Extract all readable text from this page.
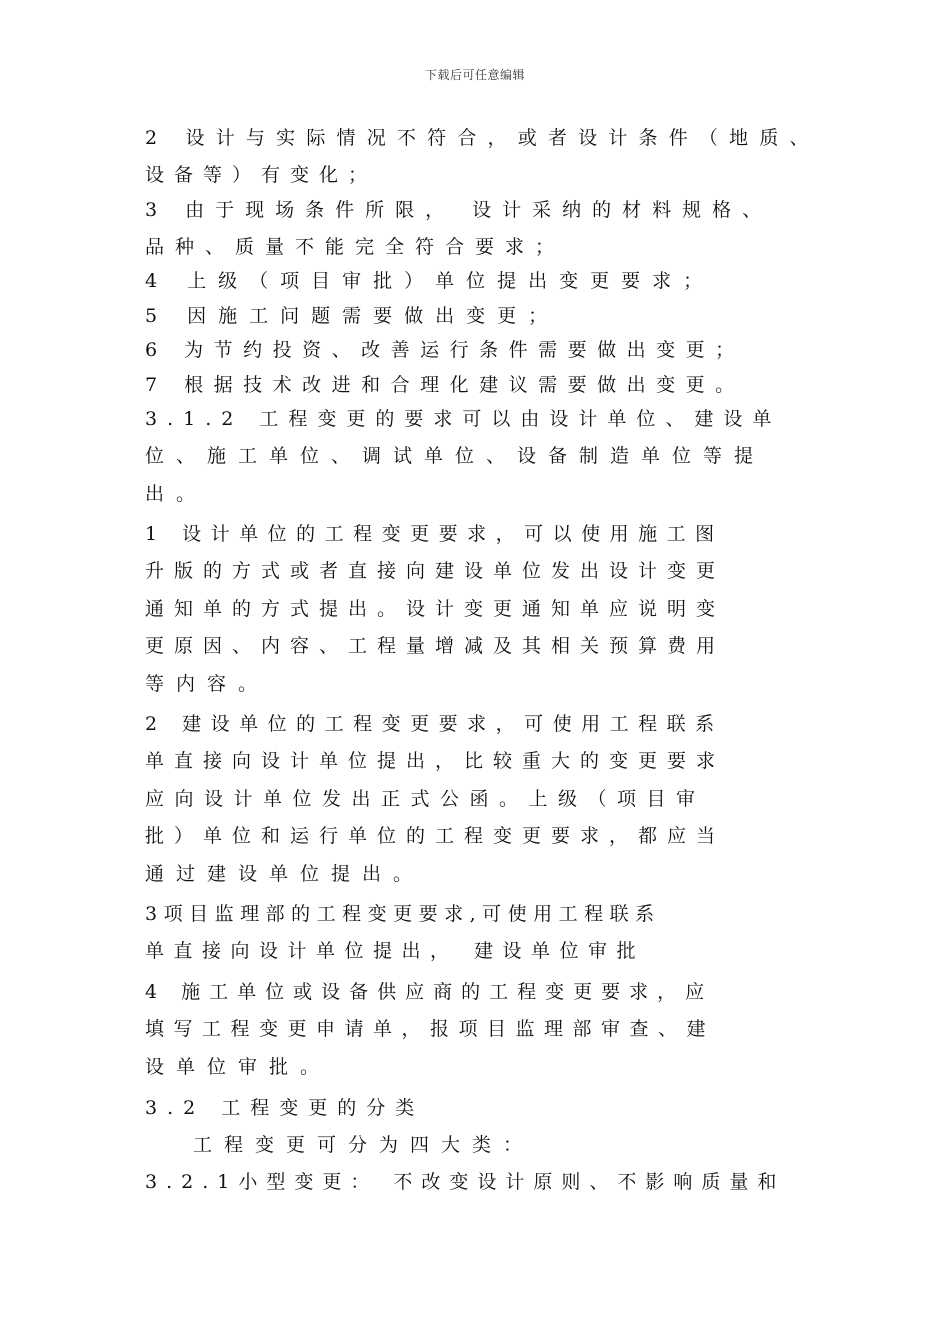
下载后可任意编辑
2 设计与实际情况不符合，或者设计条件（地质、
设备等）有变化；
3 由于现场条件所限， 设计采纳的材料规格、
品种、质量不能完全符合要求；
4 上级（项目审批）单位提出变更要求；
5 因施工问题需要做出变更；
6 为节约投资、改善运行条件需要做出变更；
7 根据技术改进和合理化建议需要做出变更。
3.1.2 工程变更的要求可以由设计单位、建设单
位、施工单位、调试单位、设备制造单位等提
出。
1 设计单位的工程变更要求，可以使用施工图
升版的方式或者直接向建设单位发出设计变更
通知单的方式提出。设计变更通知单应说明变
更原因、内容、工程量增减及其相关预算费用
等内容。
2 建设单位的工程变更要求，可使用工程联系
单直接向设计单位提出，比较重大的变更要求
应向设计单位发出正式公函。上级（项目审
批）单位和运行单位的工程变更要求，都应当
通过建设单位提出。
3项目监理部的工程变更要求,可使用工程联系
单直接向设计单位提出， 建设单位审批
4 施工单位或设备供应商的工程变更要求，应
填写工程变更申请单，报项目监理部审查、建
设单位审批。
3.2 工程变更的分类
工程变更可分为四大类：
3.2.1小型变更： 不改变设计原则、不影响质量和
